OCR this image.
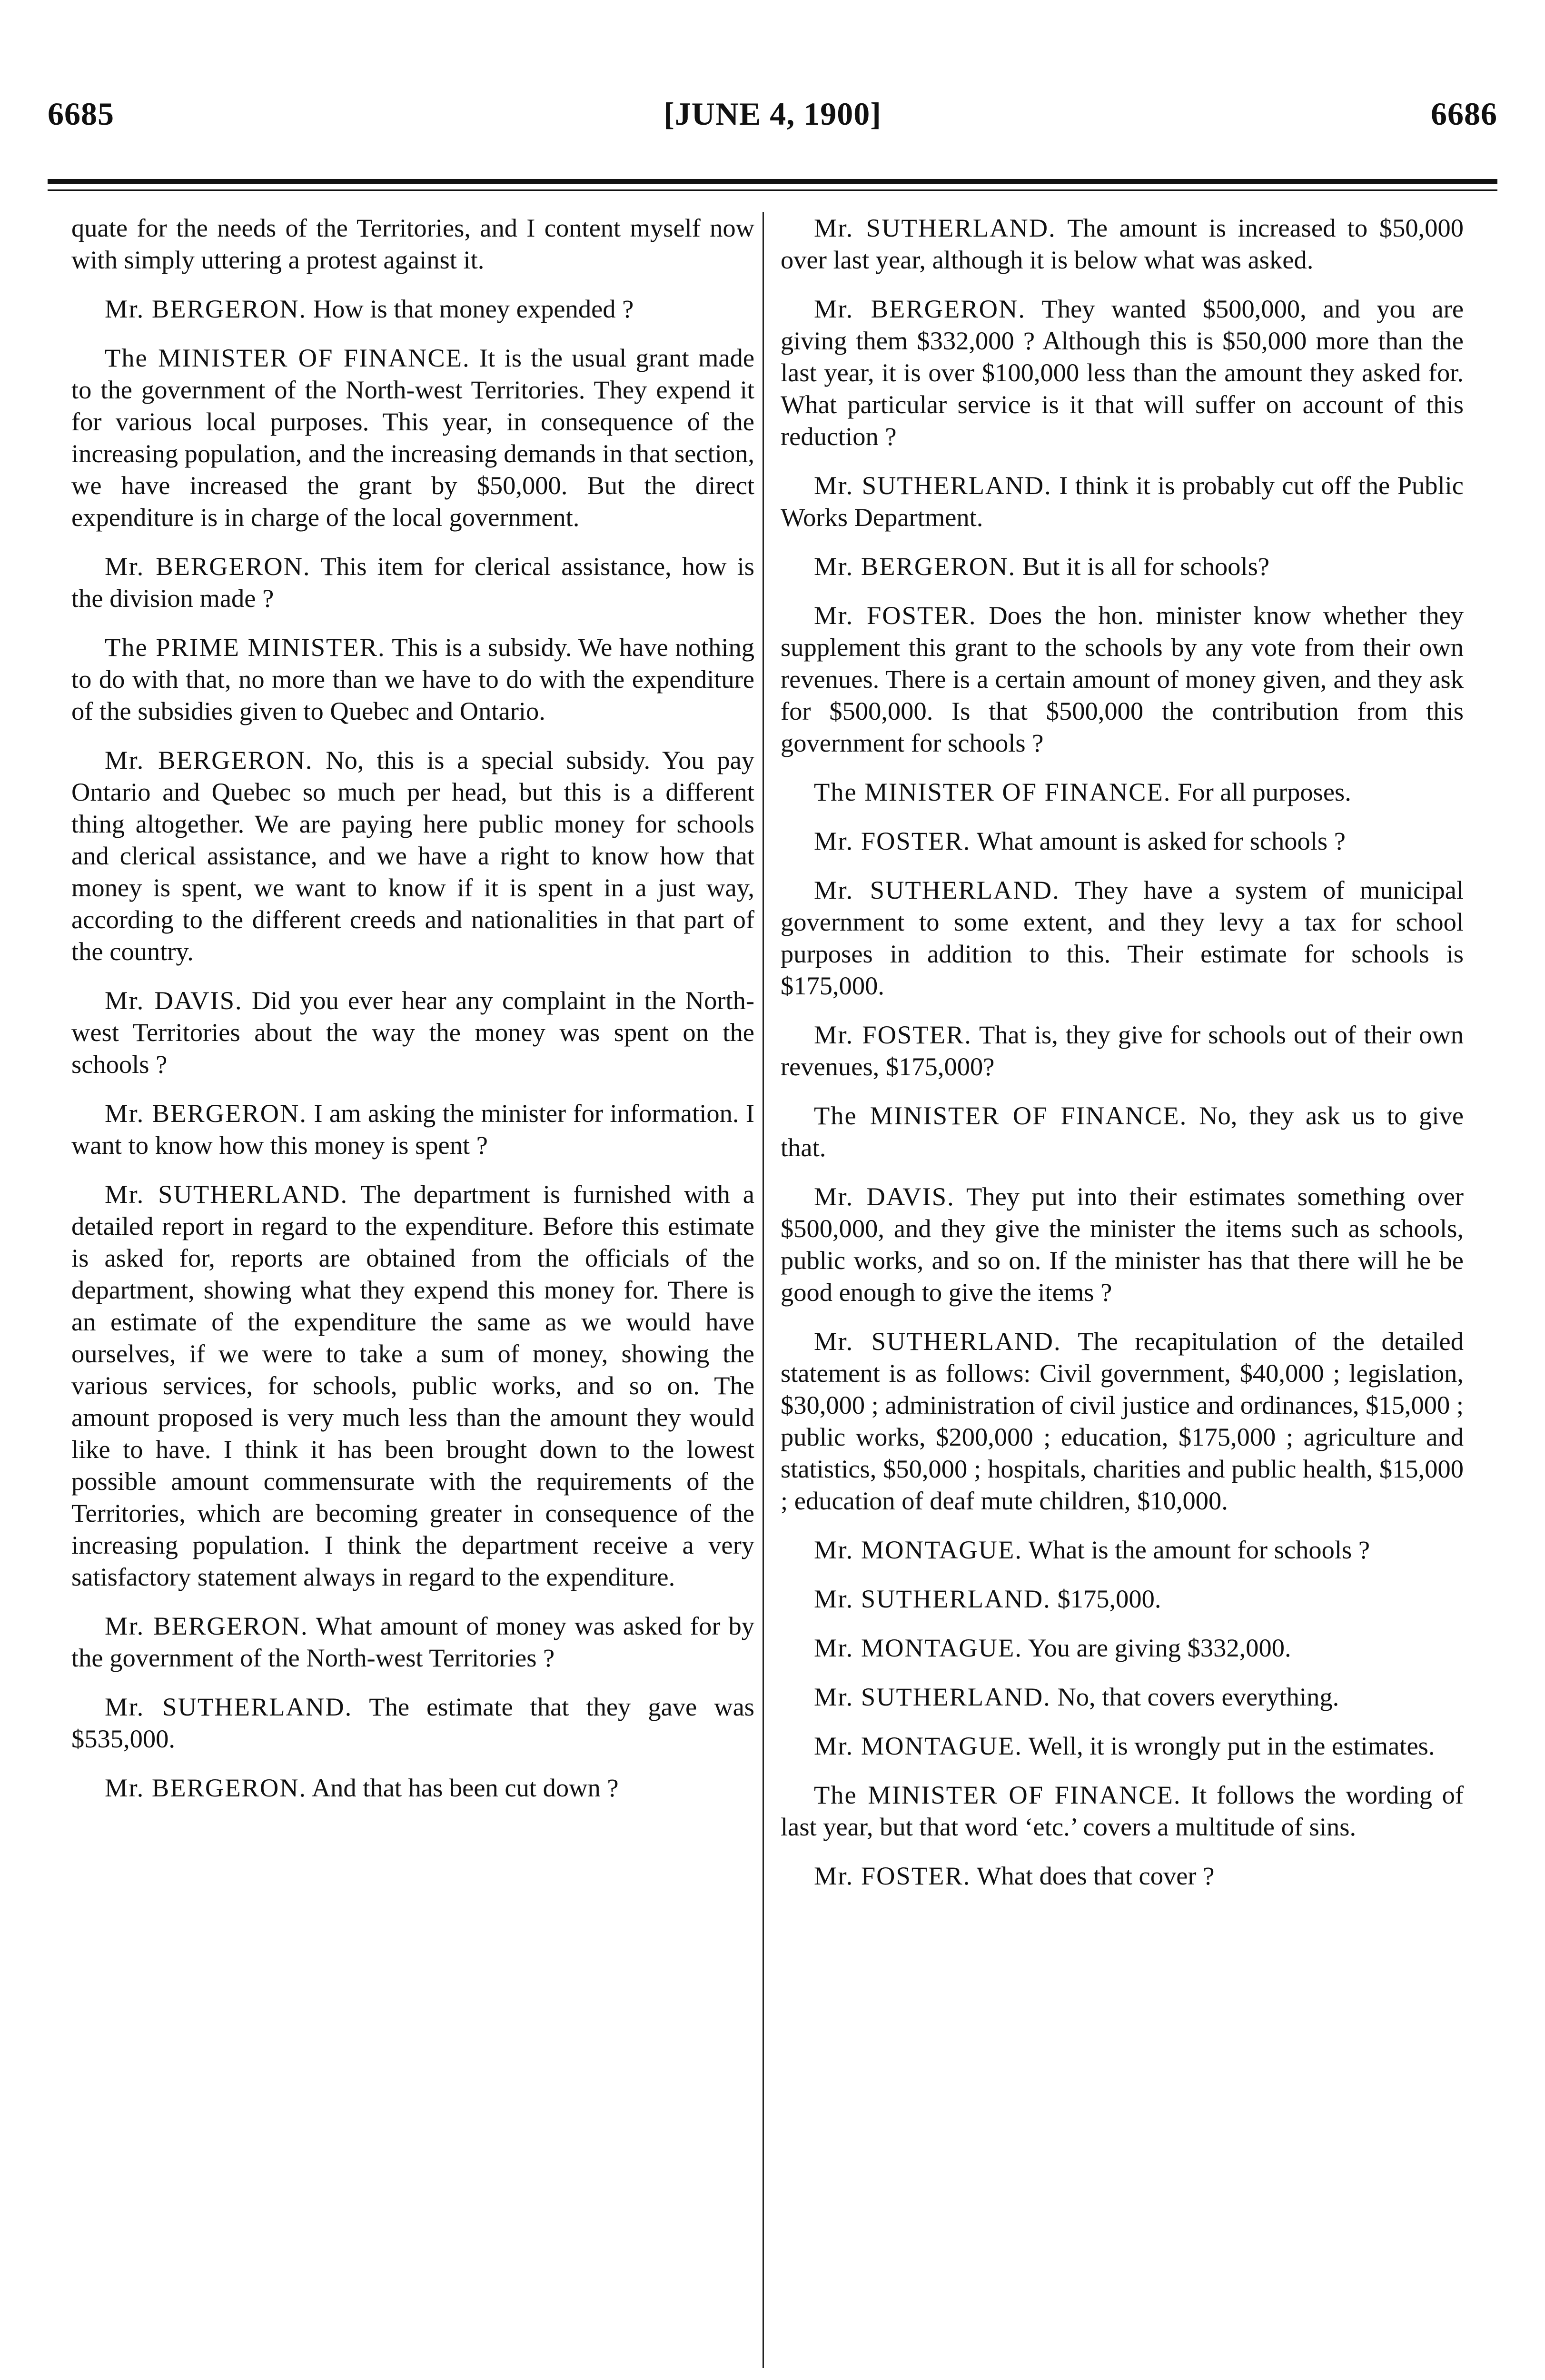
6685	[JUNE 4, 1900]	6686

quate for the needs of the Territories, and I content myself now with simply uttering a protest against it.

Mr. BERGERON. How is that money expended ?

The MINISTER OF FINANCE. It is the usual grant made to the government of the North-west Territories. They expend it for various local purposes. This year, in consequence of the increasing population, and the increasing demands in that section, we have increased the grant by $50,000. But the direct expenditure is in charge of the local government.

Mr. BERGERON. This item for clerical assistance, how is the division made ?

The PRIME MINISTER. This is a subsidy. We have nothing to do with that, no more than we have to do with the expenditure of the subsidies given to Quebec and Ontario.

Mr. BERGERON. No, this is a special subsidy. You pay Ontario and Quebec so much per head, but this is a different thing altogether. We are paying here public money for schools and clerical assistance, and we have a right to know how that money is spent, we want to know if it is spent in a just way, according to the different creeds and nationalities in that part of the country.

Mr. DAVIS. Did you ever hear any complaint in the North-west Territories about the way the money was spent on the schools ?

Mr. BERGERON. I am asking the minister for information. I want to know how this money is spent ?

Mr. SUTHERLAND. The department is furnished with a detailed report in regard to the expenditure. Before this estimate is asked for, reports are obtained from the officials of the department, showing what they expend this money for. There is an estimate of the expenditure the same as we would have ourselves, if we were to take a sum of money, showing the various services, for schools, public works, and so on. The amount proposed is very much less than the amount they would like to have. I think it has been brought down to the lowest possible amount commensurate with the requirements of the Territories, which are becoming greater in consequence of the increasing population. I think the department receive a very satisfactory statement always in regard to the expenditure.

Mr. BERGERON. What amount of money was asked for by the government of the North-west Territories ?

Mr. SUTHERLAND. The estimate that they gave was $535,000.

Mr. BERGERON. And that has been cut down ?

Mr. SUTHERLAND. The amount is increased to $50,000 over last year, although it is below what was asked.

Mr. BERGERON. They wanted $500,000, and you are giving them $332,000 ? Although this is $50,000 more than the last year, it is over $100,000 less than the amount they asked for. What particular service is it that will suffer on account of this reduction ?

Mr. SUTHERLAND. I think it is probably cut off the Public Works Department.

Mr. BERGERON. But it is all for schools?

Mr. FOSTER. Does the hon. minister know whether they supplement this grant to the schools by any vote from their own revenues. There is a certain amount of money given, and they ask for $500,000. Is that $500,000 the contribution from this government for schools ?

The MINISTER OF FINANCE. For all purposes.

Mr. FOSTER. What amount is asked for schools ?

Mr. SUTHERLAND. They have a system of municipal government to some extent, and they levy a tax for school purposes in addition to this. Their estimate for schools is $175,000.

Mr. FOSTER. That is, they give for schools out of their own revenues, $175,000?

The MINISTER OF FINANCE. No, they ask us to give that.

Mr. DAVIS. They put into their estimates something over $500,000, and they give the minister the items such as schools, public works, and so on. If the minister has that there will he be good enough to give the items ?

Mr. SUTHERLAND. The recapitulation of the detailed statement is as follows: Civil government, $40,000 ; legislation, $30,000 ; administration of civil justice and ordinances, $15,000 ; public works, $200,000 ; education, $175,000 ; agriculture and statistics, $50,000 ; hospitals, charities and public health, $15,000 ; education of deaf mute children, $10,000.

Mr. MONTAGUE. What is the amount for schools ?

Mr. SUTHERLAND. $175,000.

Mr. MONTAGUE. You are giving $332,000.

Mr. SUTHERLAND. No, that covers everything.

Mr. MONTAGUE. Well, it is wrongly put in the estimates.

The MINISTER OF FINANCE. It follows the wording of last year, but that word ‘etc.’ covers a multitude of sins.

Mr. FOSTER. What does that cover ?
